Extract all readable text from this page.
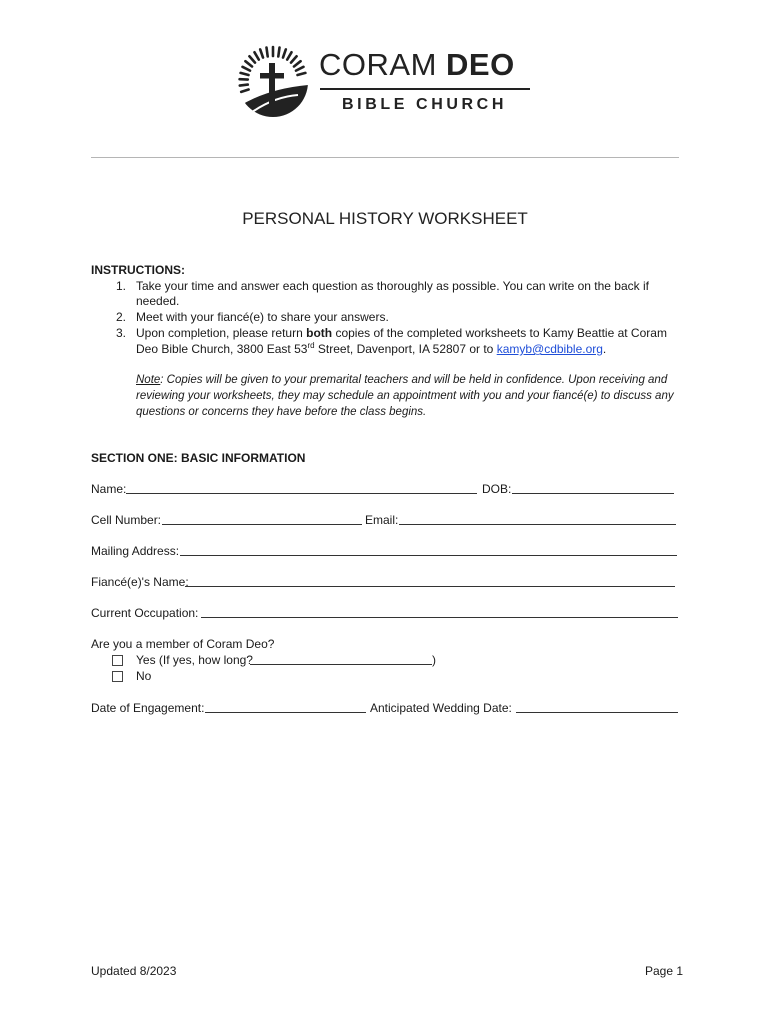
CORAM DEO
BIBLE CHURCH
PERSONAL HISTORY WORKSHEET
INSTRUCTIONS:
1. Take your time and answer each question as thoroughly as possible. You can write on the back if
needed.
2. Meet with your fiancé(e) to share your answers.
3. Upon completion, please return both copies of the completed worksheets to Kamy Beattie at Coram
Deo Bible Church, 3800 East 53rd Street, Davenport, IA 52807 or to kamyb@cdbible.org.
Note: Copies will be given to your premarital teachers and will be held in confidence. Upon receiving and reviewing your worksheets, they may schedule an appointment with you and your fiancé(e) to discuss any questions or concerns they have before the class begins.
SECTION ONE: BASIC INFORMATION
Name:	DOB:
Cell Number:	Email:
Mailing Address:
Fiancé(e)'s Name:
Current Occupation:
Are you a member of Coram Deo?
Yes (If yes, how long?	)
No
Date of Engagement:	Anticipated Wedding Date:
Updated 8/2023	Page 1
